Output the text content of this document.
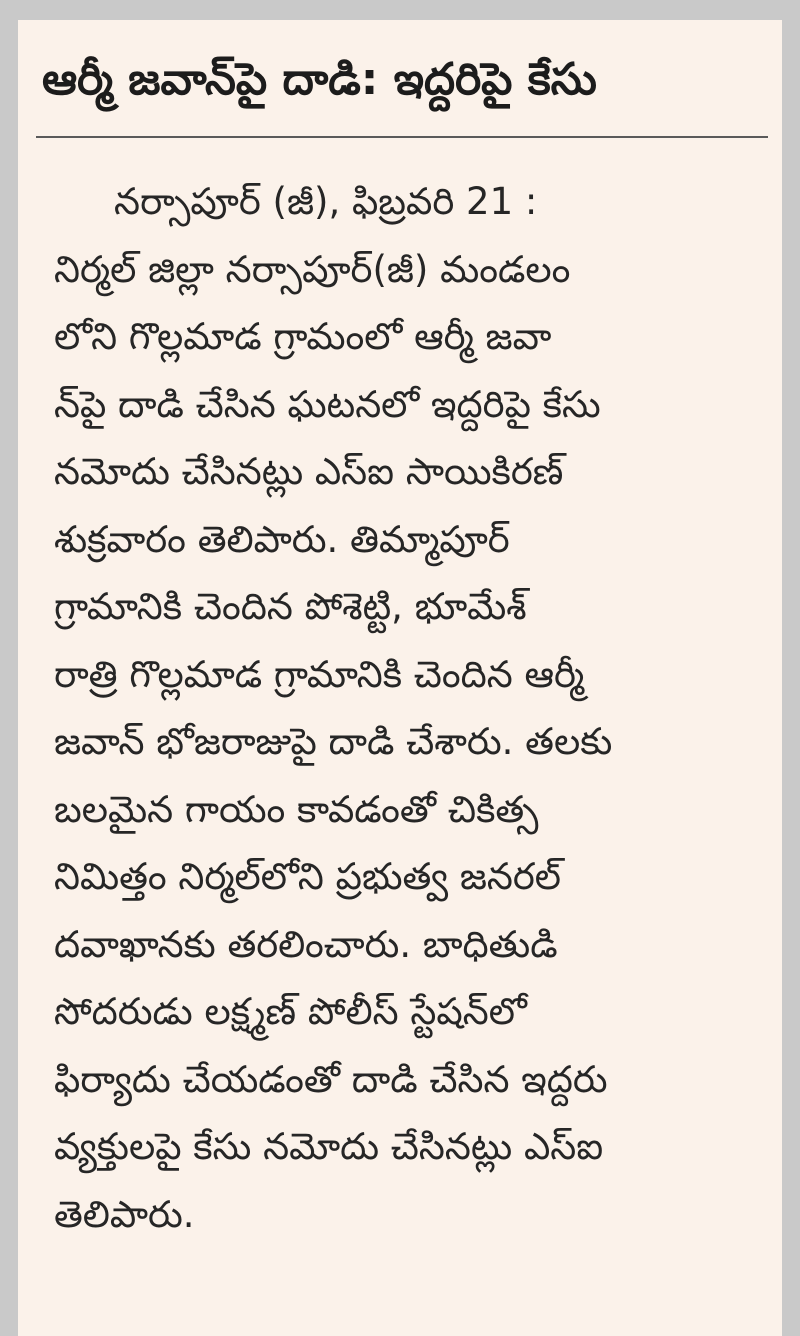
ఆర్మీ జవాన్‌పై దాడి: ఇద్దరిపై కేసు
నర్సాపూర్ (జీ), ఫిబ్రవరి 21 :
నిర్మల్ జిల్లా నర్సాపూర్(జీ) మండలం
లోని గొల్లమాడ గ్రామంలో ఆర్మీ జవా
న్‌పై దాడి చేసిన ఘటనలో ఇద్దరిపై కేసు
నమోదు చేసినట్లు ఎస్ఐ సాయికిరణ్
శుక్రవారం తెలిపారు. తిమ్మాపూర్
గ్రామానికి చెందిన పోశెట్టి, భూమేశ్
రాత్రి గొల్లమాడ గ్రామానికి చెందిన ఆర్మీ
జవాన్ భోజరాజుపై దాడి చేశారు. తలకు
బలమైన గాయం కావడంతో చికిత్స
నిమిత్తం నిర్మల్‌లోని ప్రభుత్వ జనరల్
దవాఖానకు తరలించారు. బాధితుడి
సోదరుడు లక్ష్మణ్ పోలీస్ స్టేషన్‌లో
ఫిర్యాదు చేయడంతో దాడి చేసిన ఇద్దరు
వ్యక్తులపై కేసు నమోదు చేసినట్లు ఎస్ఐ
తెలిపారు.
